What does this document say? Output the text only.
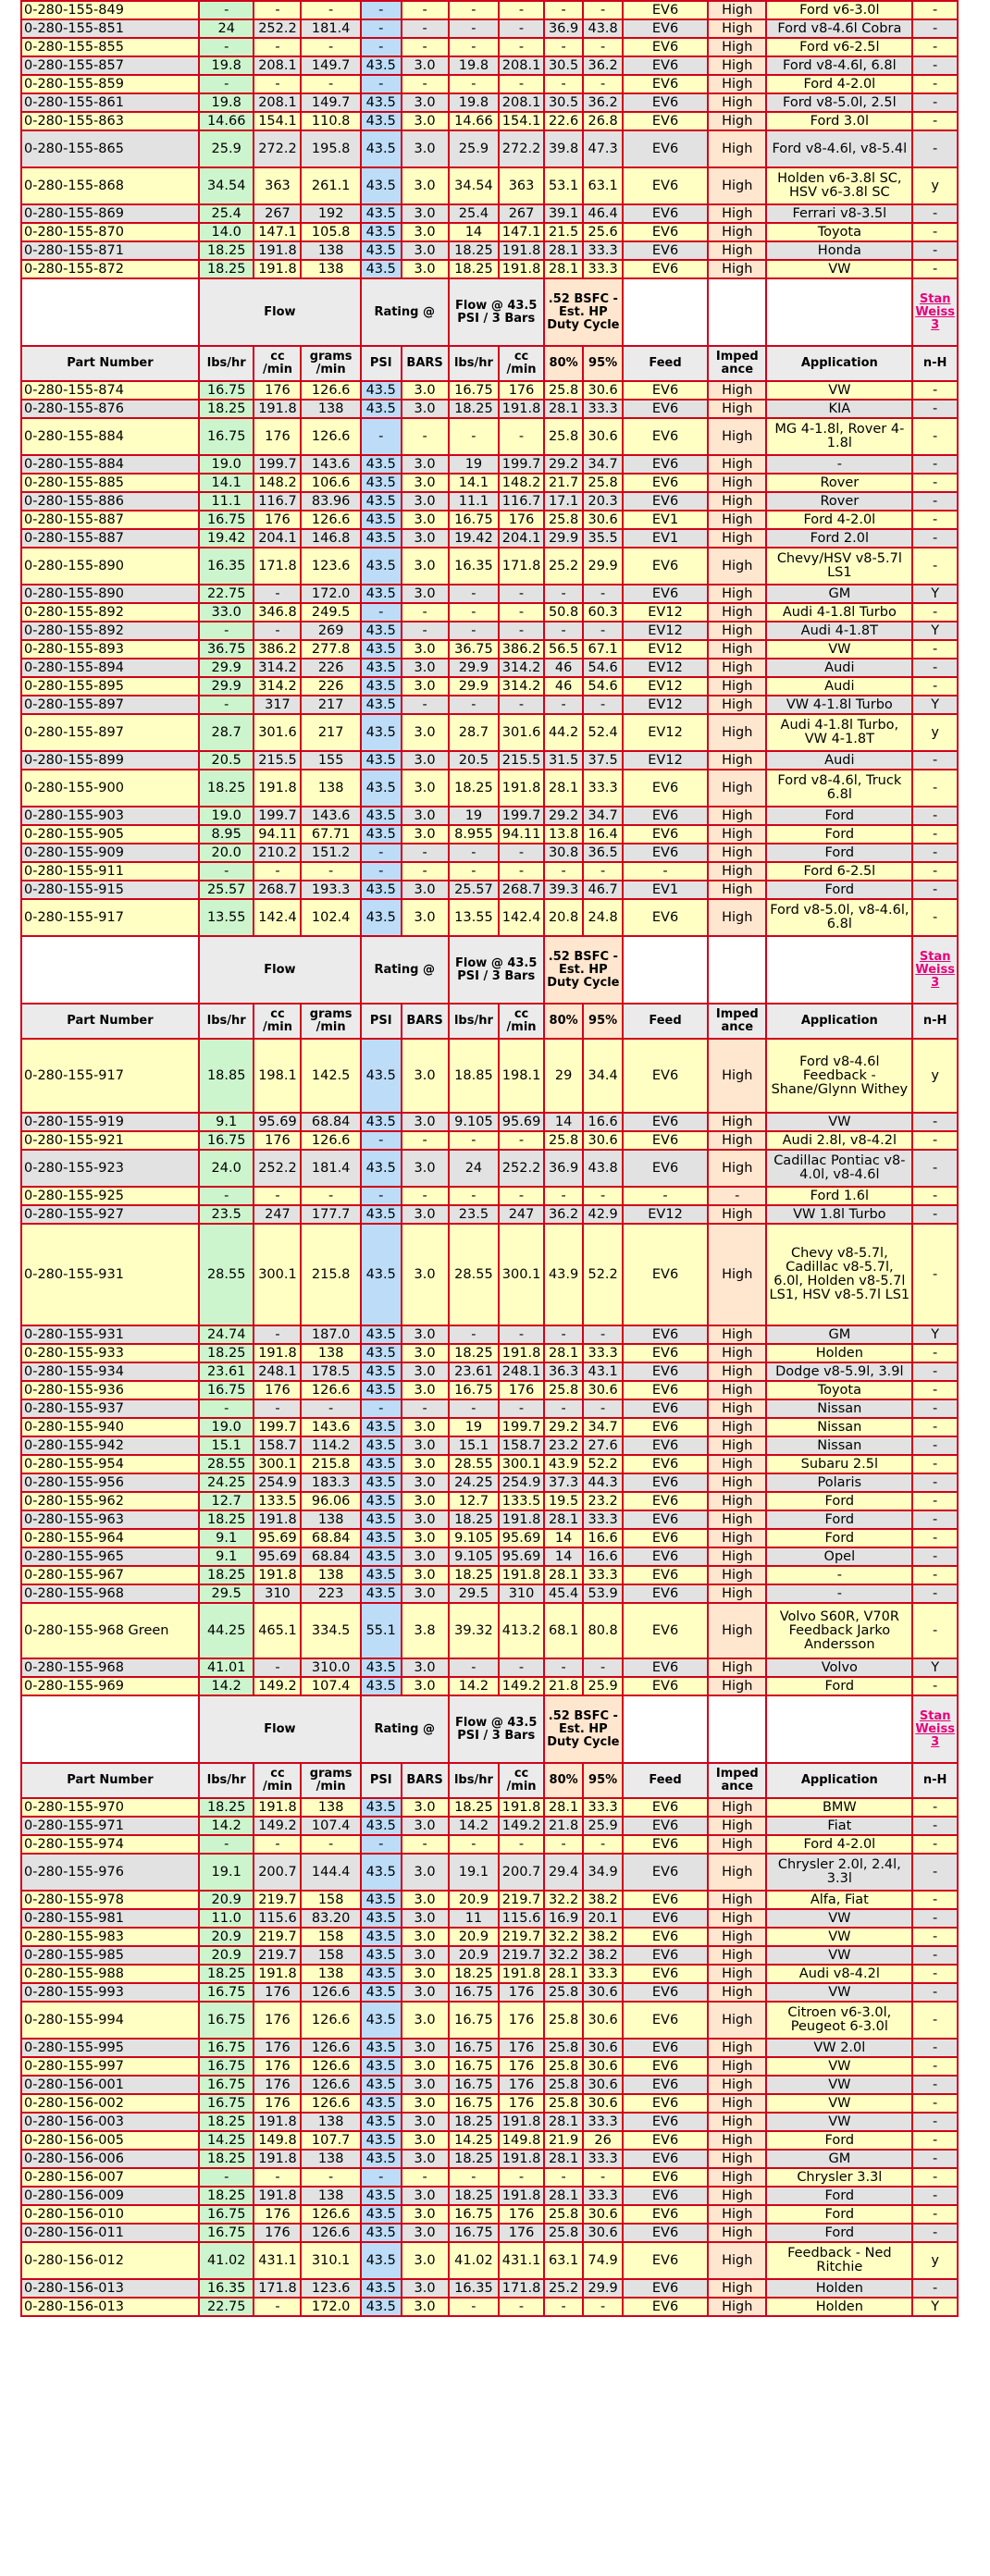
0-280-155-849	-	-	-	-	-	-	-	-	-	EV6	High	Ford v6-3.0l	-
0-280-155-851	24	252.2	181.4	-	-	-	-	36.9	43.8	EV6	High	Ford v8-4.6l Cobra	-
0-280-155-855	-	-	-	-	-	-	-	-	-	EV6	High	Ford v6-2.5l	-
0-280-155-857	19.8	208.1	149.7	43.5	3.0	19.8	208.1	30.5	36.2	EV6	High	Ford v8-4.6l, 6.8l	-
0-280-155-859	-	-	-	-	-	-	-	-	-	EV6	High	Ford 4-2.0l	-
0-280-155-861	19.8	208.1	149.7	43.5	3.0	19.8	208.1	30.5	36.2	EV6	High	Ford v8-5.0l, 2.5l	-
0-280-155-863	14.66	154.1	110.8	43.5	3.0	14.66	154.1	22.6	26.8	EV6	High	Ford 3.0l	-
0-280-155-865	25.9	272.2	195.8	43.5	3.0	25.9	272.2	39.8	47.3	EV6	High	Ford v8-4.6l, v8-5.4l	-
0-280-155-868	34.54	363	261.1	43.5	3.0	34.54	363	53.1	63.1	EV6	High	Holden v6-3.8l SC, HSV v6-3.8l SC	y
0-280-155-869	25.4	267	192	43.5	3.0	25.4	267	39.1	46.4	EV6	High	Ferrari v8-3.5l	-
0-280-155-870	14.0	147.1	105.8	43.5	3.0	14	147.1	21.5	25.6	EV6	High	Toyota	-
0-280-155-871	18.25	191.8	138	43.5	3.0	18.25	191.8	28.1	33.3	EV6	High	Honda	-
0-280-155-872	18.25	191.8	138	43.5	3.0	18.25	191.8	28.1	33.3	EV6	High	VW	-
	Flow			Rating @		Flow @ 43.5 PSI / 3 Bars		.52 BSFC - Est. HP Duty Cycle					Stan Weiss 3
Part Number	lbs/hr	cc /min	grams /min	PSI	BARS	lbs/hr	cc /min	80%	95%	Feed	Imped ance	Application	n-H
0-280-155-874	16.75	176	126.6	43.5	3.0	16.75	176	25.8	30.6	EV6	High	VW	-
0-280-155-876	18.25	191.8	138	43.5	3.0	18.25	191.8	28.1	33.3	EV6	High	KIA	-
0-280-155-884	16.75	176	126.6	-	-	-	-	25.8	30.6	EV6	High	MG 4-1.8l, Rover 4-1.8l	-
0-280-155-884	19.0	199.7	143.6	43.5	3.0	19	199.7	29.2	34.7	EV6	High	-	-
0-280-155-885	14.1	148.2	106.6	43.5	3.0	14.1	148.2	21.7	25.8	EV6	High	Rover	-
0-280-155-886	11.1	116.7	83.96	43.5	3.0	11.1	116.7	17.1	20.3	EV6	High	Rover	-
0-280-155-887	16.75	176	126.6	43.5	3.0	16.75	176	25.8	30.6	EV1	High	Ford 4-2.0l	-
0-280-155-887	19.42	204.1	146.8	43.5	3.0	19.42	204.1	29.9	35.5	EV1	High	Ford 2.0l	-
0-280-155-890	16.35	171.8	123.6	43.5	3.0	16.35	171.8	25.2	29.9	EV6	High	Chevy/HSV v8-5.7l LS1	-
0-280-155-890	22.75	-	172.0	43.5	3.0	-	-	-	-	EV6	High	GM	Y
0-280-155-892	33.0	346.8	249.5	-	-	-	-	50.8	60.3	EV12	High	Audi 4-1.8l Turbo	-
0-280-155-892	-	-	269	43.5	-	-	-	-	-	EV12	High	Audi 4-1.8T	Y
0-280-155-893	36.75	386.2	277.8	43.5	3.0	36.75	386.2	56.5	67.1	EV12	High	VW	-
0-280-155-894	29.9	314.2	226	43.5	3.0	29.9	314.2	46	54.6	EV12	High	Audi	-
0-280-155-895	29.9	314.2	226	43.5	3.0	29.9	314.2	46	54.6	EV12	High	Audi	-
0-280-155-897	-	317	217	43.5	-	-	-	-	-	EV12	High	VW 4-1.8l Turbo	Y
0-280-155-897	28.7	301.6	217	43.5	3.0	28.7	301.6	44.2	52.4	EV12	High	Audi 4-1.8l Turbo, VW 4-1.8T	y
0-280-155-899	20.5	215.5	155	43.5	3.0	20.5	215.5	31.5	37.5	EV12	High	Audi	-
0-280-155-900	18.25	191.8	138	43.5	3.0	18.25	191.8	28.1	33.3	EV6	High	Ford v8-4.6l, Truck 6.8l	-
0-280-155-903	19.0	199.7	143.6	43.5	3.0	19	199.7	29.2	34.7	EV6	High	Ford	-
0-280-155-905	8.95	94.11	67.71	43.5	3.0	8.955	94.11	13.8	16.4	EV6	High	Ford	-
0-280-155-909	20.0	210.2	151.2	-	-	-	-	30.8	36.5	EV6	High	Ford	-
0-280-155-911	-	-	-	-	-	-	-	-	-	-	High	Ford 6-2.5l	-
0-280-155-915	25.57	268.7	193.3	43.5	3.0	25.57	268.7	39.3	46.7	EV1	High	Ford	-
0-280-155-917	13.55	142.4	102.4	43.5	3.0	13.55	142.4	20.8	24.8	EV6	High	Ford v8-5.0l, v8-4.6l, 6.8l	-
	Flow			Rating @		Flow @ 43.5 PSI / 3 Bars		.52 BSFC - Est. HP Duty Cycle					Stan Weiss 3
Part Number	lbs/hr	cc /min	grams /min	PSI	BARS	lbs/hr	cc /min	80%	95%	Feed	Imped ance	Application	n-H
0-280-155-917	18.85	198.1	142.5	43.5	3.0	18.85	198.1	29	34.4	EV6	High	Ford v8-4.6l Feedback - Shane/Glynn Withey	y
0-280-155-919	9.1	95.69	68.84	43.5	3.0	9.105	95.69	14	16.6	EV6	High	VW	-
0-280-155-921	16.75	176	126.6	-	-	-	-	25.8	30.6	EV6	High	Audi 2.8l, v8-4.2l	-
0-280-155-923	24.0	252.2	181.4	43.5	3.0	24	252.2	36.9	43.8	EV6	High	Cadillac Pontiac v8-4.0l, v8-4.6l	-
0-280-155-925	-	-	-	-	-	-	-	-	-	-	-	Ford 1.6l	-
0-280-155-927	23.5	247	177.7	43.5	3.0	23.5	247	36.2	42.9	EV12	High	VW 1.8l Turbo	-
0-280-155-931	28.55	300.1	215.8	43.5	3.0	28.55	300.1	43.9	52.2	EV6	High	Chevy v8-5.7l, Cadillac v8-5.7l, 6.0l, Holden v8-5.7l LS1, HSV v8-5.7l LS1	-
0-280-155-931	24.74	-	187.0	43.5	3.0	-	-	-	-	EV6	High	GM	Y
0-280-155-933	18.25	191.8	138	43.5	3.0	18.25	191.8	28.1	33.3	EV6	High	Holden	-
0-280-155-934	23.61	248.1	178.5	43.5	3.0	23.61	248.1	36.3	43.1	EV6	High	Dodge v8-5.9l, 3.9l	-
0-280-155-936	16.75	176	126.6	43.5	3.0	16.75	176	25.8	30.6	EV6	High	Toyota	-
0-280-155-937	-	-	-	-	-	-	-	-	-	EV6	High	Nissan	-
0-280-155-940	19.0	199.7	143.6	43.5	3.0	19	199.7	29.2	34.7	EV6	High	Nissan	-
0-280-155-942	15.1	158.7	114.2	43.5	3.0	15.1	158.7	23.2	27.6	EV6	High	Nissan	-
0-280-155-954	28.55	300.1	215.8	43.5	3.0	28.55	300.1	43.9	52.2	EV6	High	Subaru 2.5l	-
0-280-155-956	24.25	254.9	183.3	43.5	3.0	24.25	254.9	37.3	44.3	EV6	High	Polaris	-
0-280-155-962	12.7	133.5	96.06	43.5	3.0	12.7	133.5	19.5	23.2	EV6	High	Ford	-
0-280-155-963	18.25	191.8	138	43.5	3.0	18.25	191.8	28.1	33.3	EV6	High	Ford	-
0-280-155-964	9.1	95.69	68.84	43.5	3.0	9.105	95.69	14	16.6	EV6	High	Ford	-
0-280-155-965	9.1	95.69	68.84	43.5	3.0	9.105	95.69	14	16.6	EV6	High	Opel	-
0-280-155-967	18.25	191.8	138	43.5	3.0	18.25	191.8	28.1	33.3	EV6	High	-	-
0-280-155-968	29.5	310	223	43.5	3.0	29.5	310	45.4	53.9	EV6	High	-	-
0-280-155-968 Green	44.25	465.1	334.5	55.1	3.8	39.32	413.2	68.1	80.8	EV6	High	Volvo S60R, V70R Feedback Jarko Andersson	-
0-280-155-968	41.01	-	310.0	43.5	3.0	-	-	-	-	EV6	High	Volvo	Y
0-280-155-969	14.2	149.2	107.4	43.5	3.0	14.2	149.2	21.8	25.9	EV6	High	Ford	-
	Flow			Rating @		Flow @ 43.5 PSI / 3 Bars		.52 BSFC - Est. HP Duty Cycle					Stan Weiss 3
Part Number	lbs/hr	cc /min	grams /min	PSI	BARS	lbs/hr	cc /min	80%	95%	Feed	Imped ance	Application	n-H
0-280-155-970	18.25	191.8	138	43.5	3.0	18.25	191.8	28.1	33.3	EV6	High	BMW	-
0-280-155-971	14.2	149.2	107.4	43.5	3.0	14.2	149.2	21.8	25.9	EV6	High	Fiat	-
0-280-155-974	-	-	-	-	-	-	-	-	-	EV6	High	Ford 4-2.0l	-
0-280-155-976	19.1	200.7	144.4	43.5	3.0	19.1	200.7	29.4	34.9	EV6	High	Chrysler 2.0l, 2.4l, 3.3l	-
0-280-155-978	20.9	219.7	158	43.5	3.0	20.9	219.7	32.2	38.2	EV6	High	Alfa, Fiat	-
0-280-155-981	11.0	115.6	83.20	43.5	3.0	11	115.6	16.9	20.1	EV6	High	VW	-
0-280-155-983	20.9	219.7	158	43.5	3.0	20.9	219.7	32.2	38.2	EV6	High	VW	-
0-280-155-985	20.9	219.7	158	43.5	3.0	20.9	219.7	32.2	38.2	EV6	High	VW	-
0-280-155-988	18.25	191.8	138	43.5	3.0	18.25	191.8	28.1	33.3	EV6	High	Audi v8-4.2l	-
0-280-155-993	16.75	176	126.6	43.5	3.0	16.75	176	25.8	30.6	EV6	High	VW	-
0-280-155-994	16.75	176	126.6	43.5	3.0	16.75	176	25.8	30.6	EV6	High	Citroen v6-3.0l, Peugeot 6-3.0l	-
0-280-155-995	16.75	176	126.6	43.5	3.0	16.75	176	25.8	30.6	EV6	High	VW 2.0l	-
0-280-155-997	16.75	176	126.6	43.5	3.0	16.75	176	25.8	30.6	EV6	High	VW	-
0-280-156-001	16.75	176	126.6	43.5	3.0	16.75	176	25.8	30.6	EV6	High	VW	-
0-280-156-002	16.75	176	126.6	43.5	3.0	16.75	176	25.8	30.6	EV6	High	VW	-
0-280-156-003	18.25	191.8	138	43.5	3.0	18.25	191.8	28.1	33.3	EV6	High	VW	-
0-280-156-005	14.25	149.8	107.7	43.5	3.0	14.25	149.8	21.9	26	EV6	High	Ford	-
0-280-156-006	18.25	191.8	138	43.5	3.0	18.25	191.8	28.1	33.3	EV6	High	GM	-
0-280-156-007	-	-	-	-	-	-	-	-	-	EV6	High	Chrysler 3.3l	-
0-280-156-009	18.25	191.8	138	43.5	3.0	18.25	191.8	28.1	33.3	EV6	High	Ford	-
0-280-156-010	16.75	176	126.6	43.5	3.0	16.75	176	25.8	30.6	EV6	High	Ford	-
0-280-156-011	16.75	176	126.6	43.5	3.0	16.75	176	25.8	30.6	EV6	High	Ford	-
0-280-156-012	41.02	431.1	310.1	43.5	3.0	41.02	431.1	63.1	74.9	EV6	High	Feedback - Ned Ritchie	y
0-280-156-013	16.35	171.8	123.6	43.5	3.0	16.35	171.8	25.2	29.9	EV6	High	Holden	-
0-280-156-013	22.75	-	172.0	43.5	3.0	-	-	-	-	EV6	High	Holden	Y
